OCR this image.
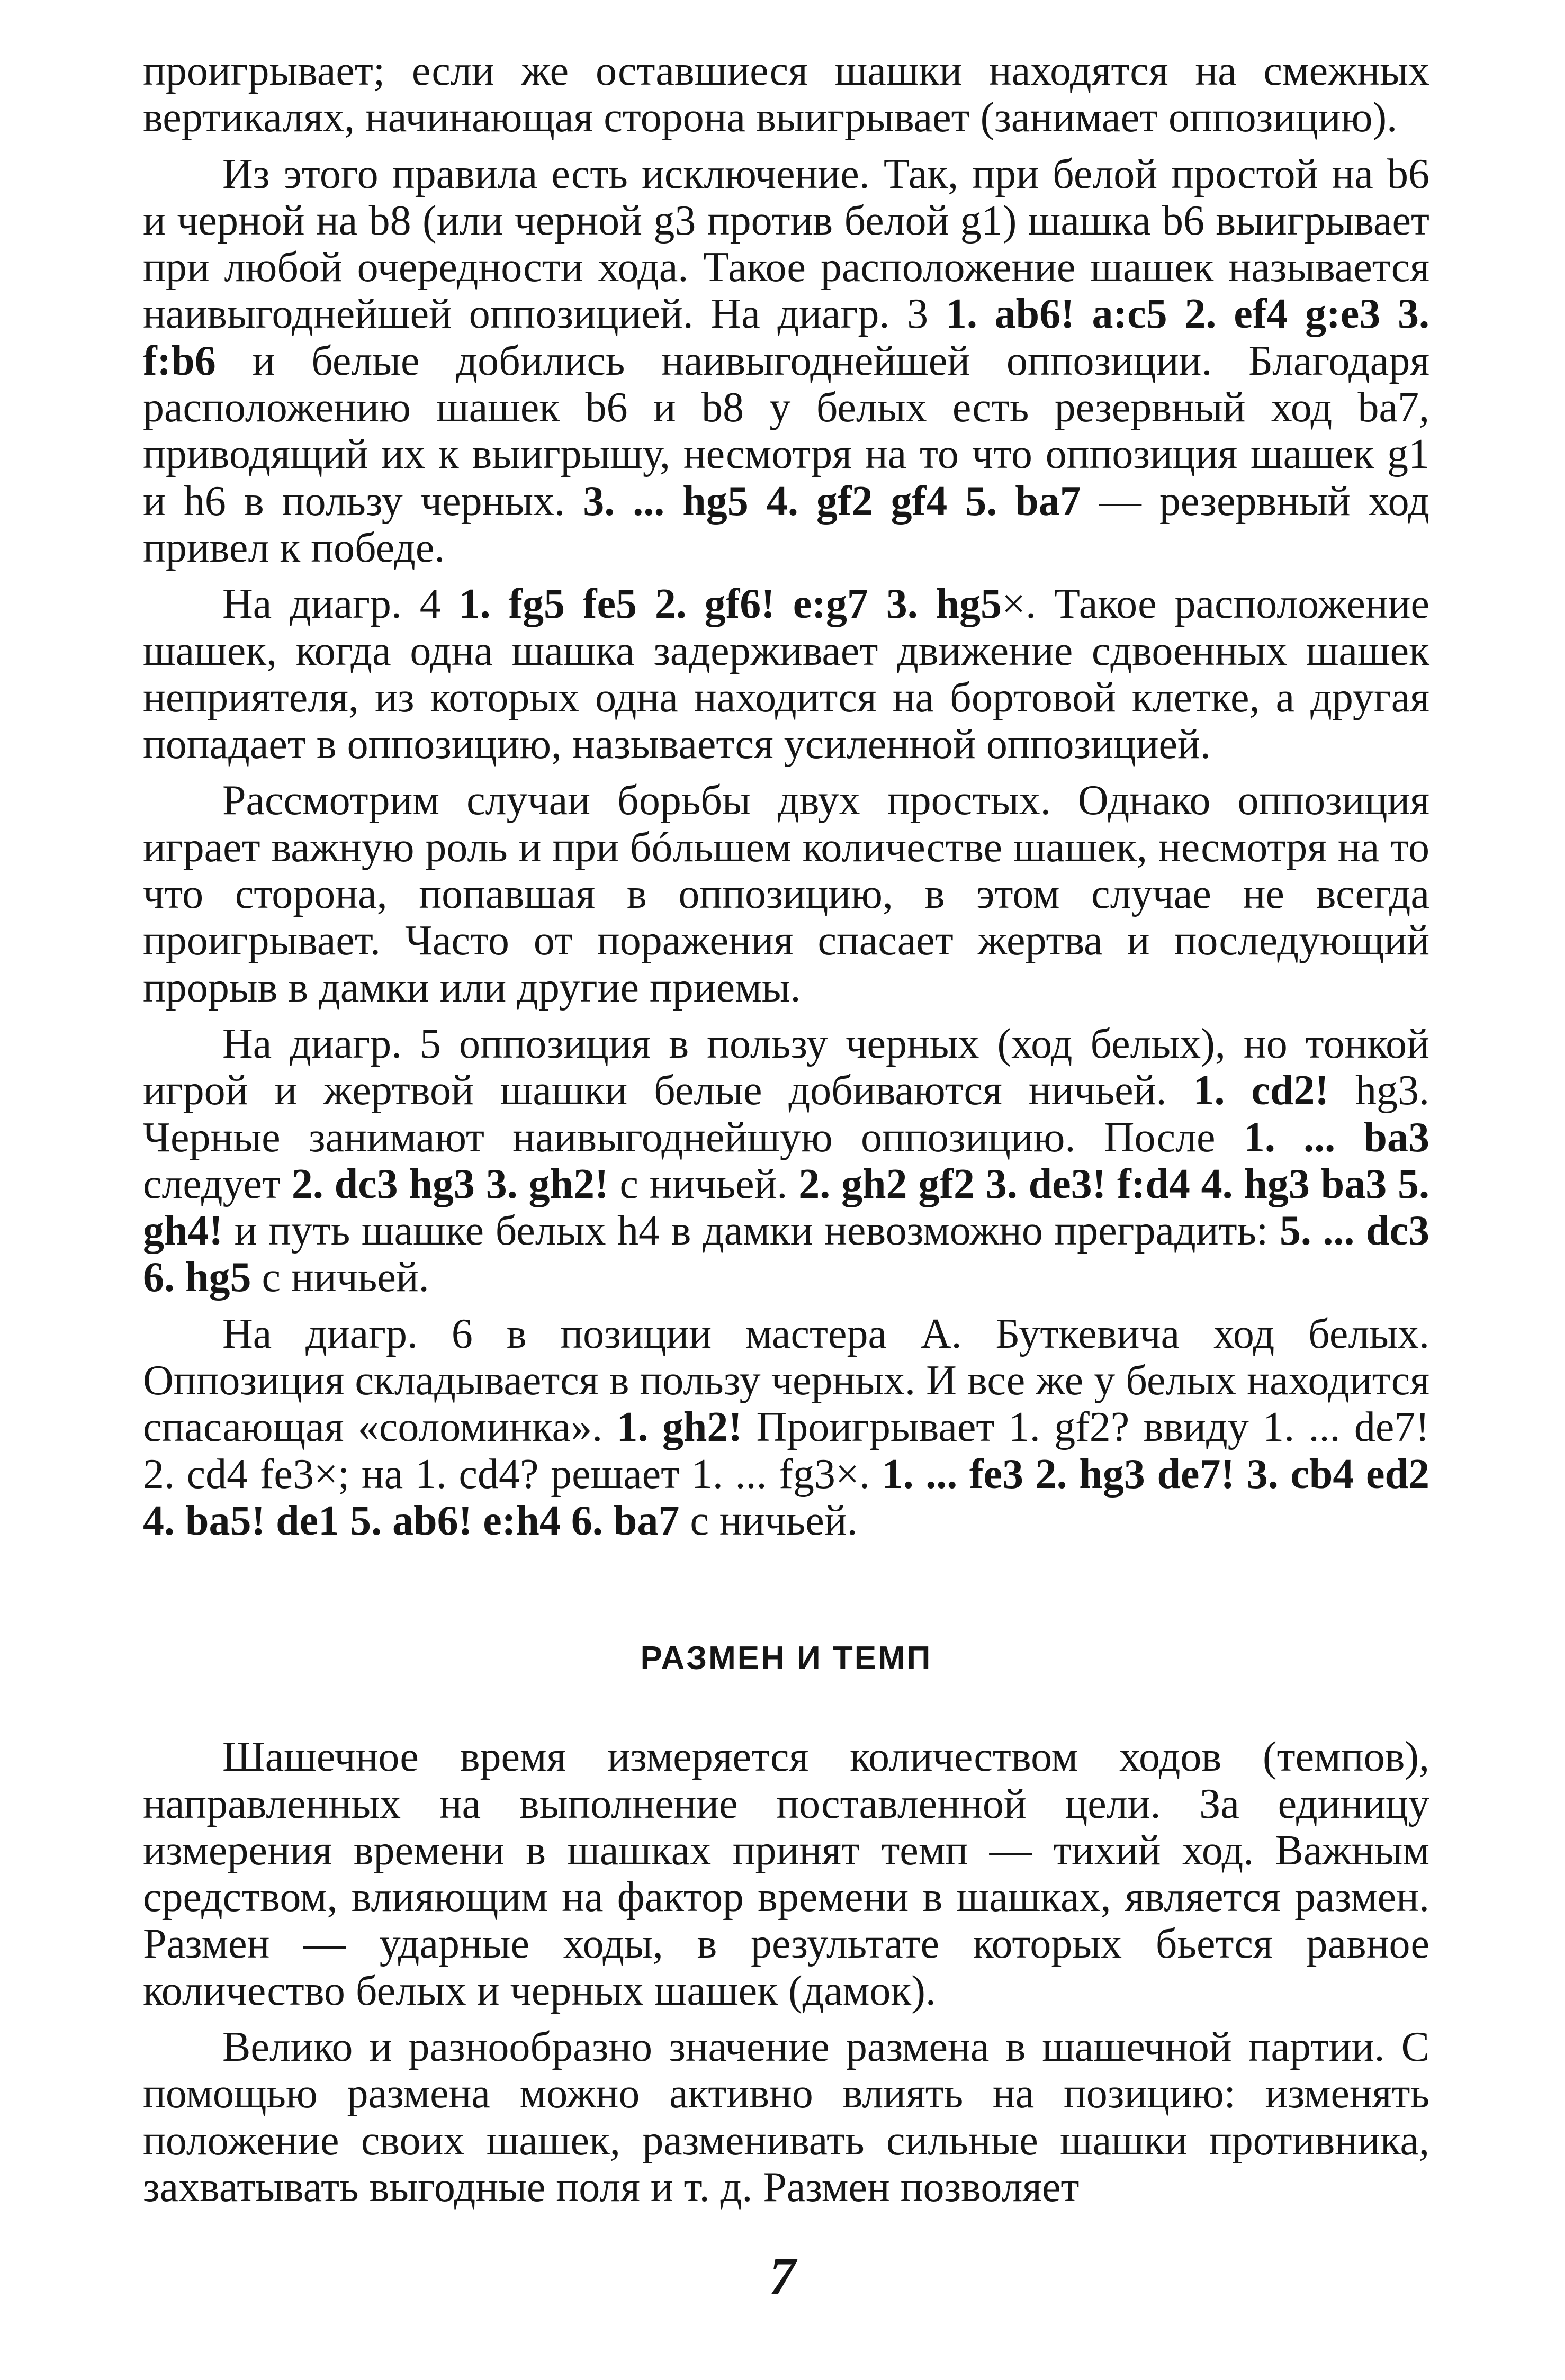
проигрывает; если же оставшиеся шашки находятся на смежных вертикалях, начинающая сторона выигрывает (занимает оппозицию).

Из этого правила есть исключение. Так, при белой простой на b6 и черной на b8 (или черной g3 против белой g1) шашка b6 выигрывает при любой очередности хода. Такое расположение шашек называется наивыгоднейшей оппозицией. На диагр. 3 1. ab6! a:c5 2. ef4 g:e3 3. f:b6 и белые добились наивыгоднейшей оппозиции. Благодаря расположению шашек b6 и b8 у белых есть резервный ход ba7, приводящий их к выигрышу, несмотря на то что оппозиция шашек g1 и h6 в пользу черных. 3. ... hg5 4. gf2 gf4 5. ba7 — резервный ход привел к победе.

На диагр. 4 1. fg5 fe5 2. gf6! e:g7 3. hg5×. Такое расположение шашек, когда одна шашка задерживает движение сдвоенных шашек неприятеля, из которых одна находится на бортовой клетке, а другая попадает в оппозицию, называется усиленной оппозицией.

Рассмотрим случаи борьбы двух простых. Однако оппозиция играет важную роль и при бóльшем количестве шашек, несмотря на то что сторона, попавшая в оппозицию, в этом случае не всегда проигрывает. Часто от поражения спасает жертва и последующий прорыв в дамки или другие приемы.

На диагр. 5 оппозиция в пользу черных (ход белых), но тонкой игрой и жертвой шашки белые добиваются ничьей. 1. cd2! hg3. Черные занимают наивыгоднейшую оппозицию. После 1. ... ba3 следует 2. dc3 hg3 3. gh2! с ничьей. 2. gh2 gf2 3. de3! f:d4 4. hg3 ba3 5. gh4! и путь шашке белых h4 в дамки невозможно преградить: 5. ... dc3 6. hg5 с ничьей.

На диагр. 6 в позиции мастера А. Буткевича ход белых. Оппозиция складывается в пользу черных. И все же у белых находится спасающая «соломинка». 1. gh2! Проигрывает 1. gf2? ввиду 1. ... de7! 2. cd4 fe3×; на 1. cd4? решает 1. ... fg3×. 1. ... fe3 2. hg3 de7! 3. cb4 ed2 4. ba5! de1 5. ab6! e:h4 6. ba7 с ничьей.

РАЗМЕН И ТЕМП

Шашечное время измеряется количеством ходов (темпов), направленных на выполнение поставленной цели. За единицу измерения времени в шашках принят темп — тихий ход. Важным средством, влияющим на фактор времени в шашках, является размен. Размен — ударные ходы, в результате которых бьется равное количество белых и черных шашек (дамок).

Велико и разнообразно значение размена в шашечной партии. С помощью размена можно активно влиять на позицию: изменять положение своих шашек, разменивать сильные шашки противника, захватывать выгодные поля и т. д. Размен позволяет

7
